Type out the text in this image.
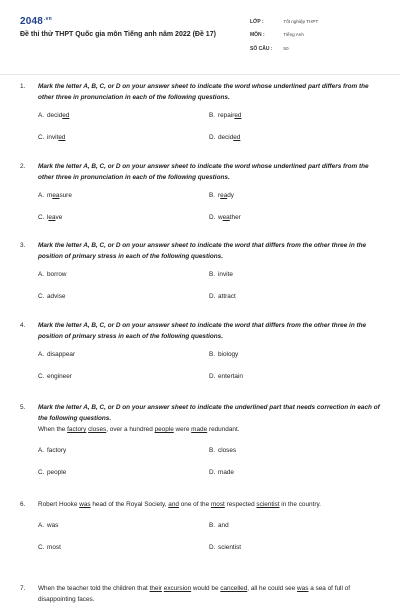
$2048^{.vn}$
Đề thi thử THPT Quốc gia môn Tiếng anh năm 2022 (Đề 17)
LỚP :	Tốt nghiệp THPT
MÔN :	Tiếng Anh
SỐ CÂU : 50
1.	Mark the letter A, B, C, or D on your answer sheet to indicate the word whose underlined part differs from the other three in pronunciation in each of the following questions.
A. decided	B. repaired
C. invited	D. decided
2.	Mark the letter A, B, C, or D on your answer sheet to indicate the word whose underlined part differs from the other three in pronunciation in each of the following questions.
A. measure	B. ready
C. leave	D. weather
3.	Mark the letter A, B, C, or D on your answer sheet to indicate the word that differs from the other three in the position of primary stress in each of the following questions.
A. borrow	B. invite
C. advise	D. attract
4.	Mark the letter A, B, C, or D on your answer sheet to indicate the word that differs from the other three in the position of primary stress in each of the following questions.
A. disappear	B. biology
C. engineer	D. entertain
5.	Mark the letter A, B, C, or D on your answer sheet to indicate the underlined part that needs correction in each of the following questions.
When the factory closes, over a hundred people were made redundant.
A. factory	B. closes
C. people	D. made
6.	Robert Hooke was head of the Royal Society, and one of the most respected scientist in the country.
A. was	B. and
C. most	D. scientist
7.	When the teacher told the children that their excursion would be cancelled, all he could see was a sea of full of disappointing faces.
